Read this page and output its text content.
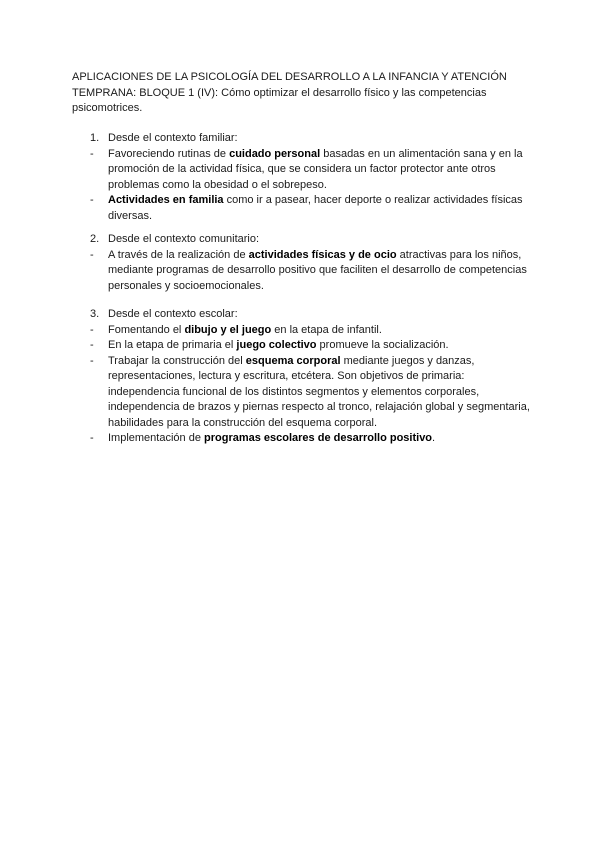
APLICACIONES DE LA PSICOLOGÍA DEL DESARROLLO A LA INFANCIA Y ATENCIÓN TEMPRANA: BLOQUE 1 (IV): Cómo optimizar el desarrollo físico y las competencias psicomotrices.

1. Desde el contexto familiar:
-	Favoreciendo rutinas de cuidado personal basadas en un alimentación sana y en la promoción de la actividad física, que se considera un factor protector ante otros problemas como la obesidad o el sobrepeso.
-	Actividades en familia como ir a pasear, hacer deporte o realizar actividades físicas diversas.
2. Desde el contexto comunitario:
-	A través de la realización de actividades físicas y de ocio atractivas para los niños, mediante programas de desarrollo positivo que faciliten el desarrollo de competencias personales y socioemocionales.
3. Desde el contexto escolar:
-	Fomentando el dibujo y el juego en la etapa de infantil.
-	En la etapa de primaria el juego colectivo promueve la socialización.
-	Trabajar la construcción del esquema corporal mediante juegos y danzas, representaciones, lectura y escritura, etcétera. Son objetivos de primaria: independencia funcional de los distintos segmentos y elementos corporales, independencia de brazos y piernas respecto al tronco, relajación global y segmentaria, habilidades para la construcción del esquema corporal.
-	Implementación de programas escolares de desarrollo positivo.
